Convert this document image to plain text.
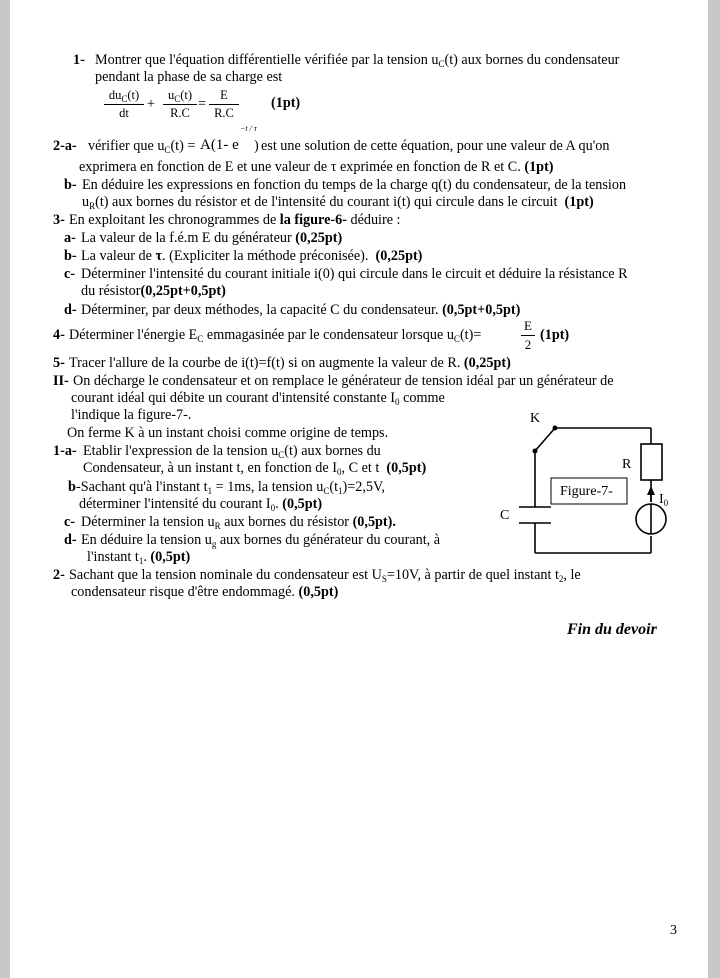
1- Montrer que l'équation différentielle vérifiée par la tension $u_C(t)$ aux bornes du condensateur
pendant la phase de sa charge est
$du_C(t)$
dt
+
$u_C(t)$
R.C
=
E
R.C
(1pt)
2-a- vérifier que $u_C(t) = A(1-$ e
−t / τ
) est une solution de cette équation, pour une valeur de A qu'on
exprimera en fonction de E et une valeur de τ exprimée en fonction de R et C. (1pt)
b- En déduire les expressions en fonction du temps de la charge q(t) du condensateur, de la tension
$u_R(t)$ aux bornes du résistor et de l'intensité du courant i(t) qui circule dans le circuit (1pt)
3- En exploitant les chronogrammes de la figure-6- déduire :
a- La valeur de la f.é.m E du générateur (0,25pt)
b- La valeur de τ. (Expliciter la méthode préconisée). (0,25pt)
c- Déterminer l'intensité du courant initiale i(0) qui circule dans le circuit et déduire la résistance R
du résistor(0,25pt+0,5pt)
d- Déterminer, par deux méthodes, la capacité C du condensateur. (0,5pt+0,5pt)
4- Déterminer l'énergie $E_C$ emmagasinée par le condensateur lorsque $u_C(t)=$
E
2
(1pt)
5- Tracer l'allure de la courbe de i(t)=f(t) si on augmente la valeur de R. (0,25pt)
II- On décharge le condensateur et on remplace le générateur de tension idéal par un générateur de
courant idéal qui débite un courant d'intensité constante $I_0$ comme
l'indique la figure-7-.
On ferme K à un instant choisi comme origine de temps.
1-a- Etablir l'expression de la tension $u_C(t)$ aux bornes du
Condensateur, à un instant t, en fonction de $I_0$, C et t (0,5pt)
b -Sachant qu'à l'instant $t_1 = 1ms$, la tension $u_C(t_1)=2,5V$,
déterminer l'intensité du courant $I_0$. (0,5pt)
c- Déterminer la tension $u_R$ aux bornes du résistor (0,5pt).
d- En déduire la tension $u_g$ aux bornes du générateur du courant, à
l'instant $t_1$. (0,5pt)
2- Sachant que la tension nominale du condensateur est $U_S=10V$, à partir de quel instant $t_2$, le
condensateur risque d'être endommagé. (0,5pt)
K
R
C
$I_0$
Figure-7-
Fin du devoir
3
